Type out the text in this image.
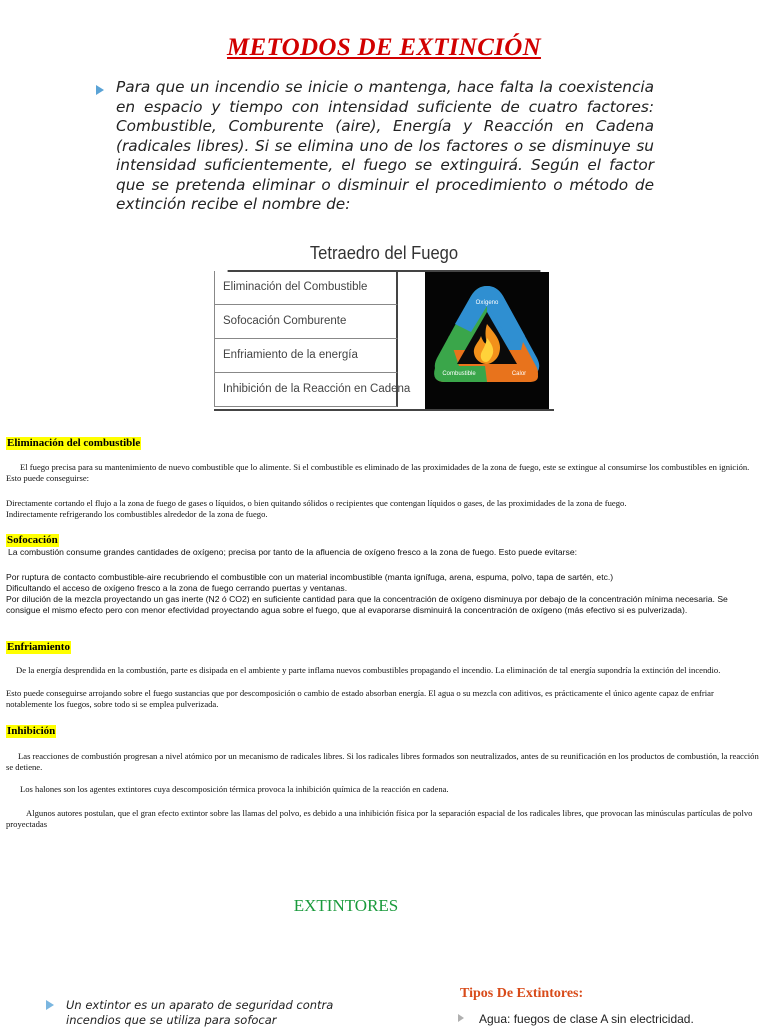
METODOS DE EXTINCIÓN
Para que un incendio se inicie o mantenga, hace falta la coexistencia en espacio y tiempo con intensidad suficiente de cuatro factores: Combustible, Comburente (aire), Energía y Reacción en Cadena (radicales libres). Si se elimina uno de los factores o se disminuye su intensidad suficientemente, el fuego se extinguirá. Según el factor que se pretenda eliminar o disminuir el procedimiento o método de extinción recibe el nombre de:
Tetraedro del Fuego
Eliminación del Combustible
Sofocación Comburente
Enfriamiento de la energía
Inhibición de la Reacción en Cadena
Oxígeno
Combustible	Calor
Eliminación del combustible
El fuego precisa para su mantenimiento de nuevo combustible que lo alimente. Si el combustible es eliminado de las proximidades de la zona de fuego, este se extingue al consumirse los combustibles en ignición. Esto puede conseguirse:
Directamente cortando el flujo a la zona de fuego de gases o líquidos, o bien quitando sólidos o recipientes que contengan líquidos o gases, de las proximidades de la zona de fuego.
Indirectamente refrigerando los combustibles alrededor de la zona de fuego.
Sofocación
La combustión consume grandes cantidades de oxígeno; precisa por tanto de la afluencia de oxígeno fresco a la zona de fuego. Esto puede evitarse:
Por ruptura de contacto combustible-aire recubriendo el combustible con un material incombustible (manta ignífuga, arena, espuma, polvo, tapa de sartén, etc.)
Dificultando el acceso de oxígeno fresco a la zona de fuego cerrando puertas y ventanas.
Por dilución de la mezcla proyectando un gas inerte (N2 ó CO2) en suficiente cantidad para que la concentración de oxígeno disminuya por debajo de la concentración mínima necesaria. Se consigue el mismo efecto pero con menor efectividad proyectando agua sobre el fuego, que al evaporarse disminuirá la concentración de oxígeno (más efectivo si es pulverizada).
Enfriamiento
De la energía desprendida en la combustión, parte es disipada en el ambiente y parte inflama nuevos combustibles propagando el incendio. La eliminación de tal energía supondría la extinción del incendio.
Esto puede conseguirse arrojando sobre el fuego sustancias que por descomposición o cambio de estado absorban energía. El agua o su mezcla con aditivos, es prácticamente el único agente capaz de enfriar notablemente los fuegos, sobre todo si se emplea pulverizada.
Inhibición
Las reacciones de combustión progresan a nivel atómico por un mecanismo de radicales libres. Si los radicales libres formados son neutralizados, antes de su reunificación en los productos de combustión, la reacción se detiene.
Los halones son los agentes extintores cuya descomposición térmica provoca la inhibición química de la reacción en cadena.
Algunos autores postulan, que el gran efecto extintor sobre las llamas del polvo, es debido a una inhibición física por la separación espacial de los radicales libres, que provocan las minúsculas partículas de polvo proyectadas
EXTINTORES
Un extintor es un aparato de seguridad contra incendios que se utiliza para sofocar
Tipos De Extintores:
Agua: fuegos de clase A sin electricidad.
